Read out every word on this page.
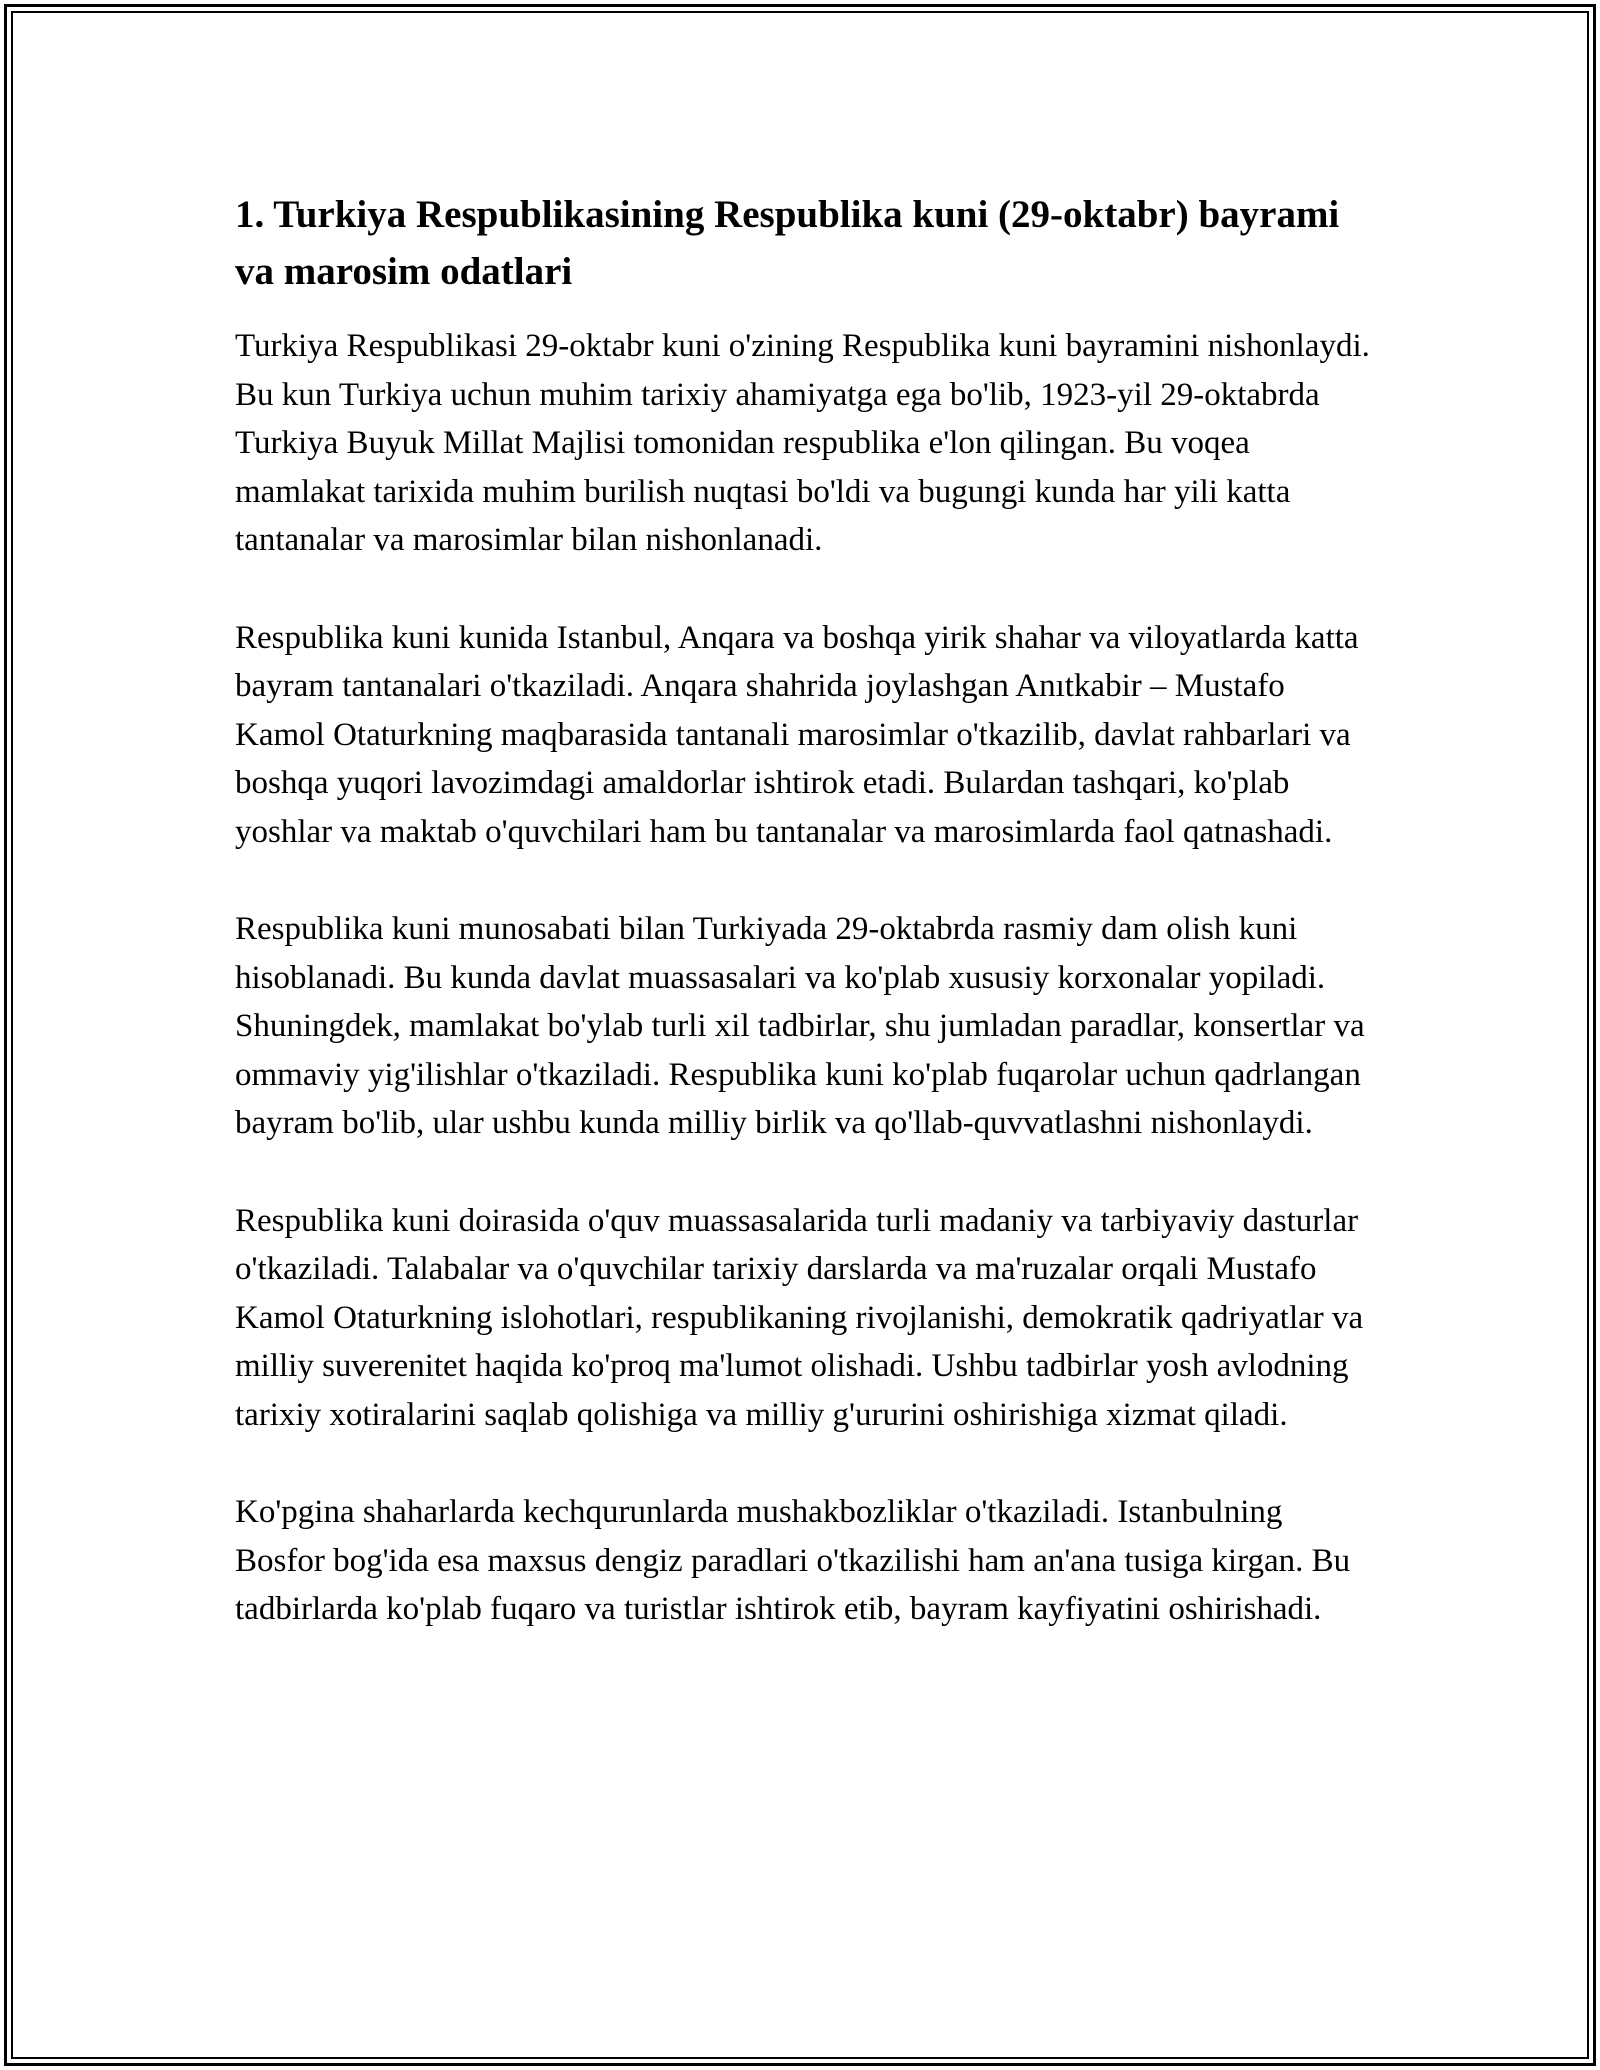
1. Turkiya Respublikasining Respublika kuni (29-oktabr) bayrami va marosim odatlari

Turkiya Respublikasi 29-oktabr kuni o'zining Respublika kuni bayramini nishonlaydi. Bu kun Turkiya uchun muhim tarixiy ahamiyatga ega bo'lib, 1923-yil 29-oktabrda Turkiya Buyuk Millat Majlisi tomonidan respublika e'lon qilingan. Bu voqea mamlakat tarixida muhim burilish nuqtasi bo'ldi va bugungi kunda har yili katta tantanalar va marosimlar bilan nishonlanadi.

Respublika kuni kunida Istanbul, Anqara va boshqa yirik shahar va viloyatlarda katta bayram tantanalari o'tkaziladi. Anqara shahrida joylashgan Anıtkabir – Mustafo Kamol Otaturkning maqbarasida tantanali marosimlar o'tkazilib, davlat rahbarlari va boshqa yuqori lavozimdagi amaldorlar ishtirok etadi. Bulardan tashqari, ko'plab yoshlar va maktab o'quvchilari ham bu tantanalar va marosimlarda faol qatnashadi.

Respublika kuni munosabati bilan Turkiyada 29-oktabrda rasmiy dam olish kuni hisoblanadi. Bu kunda davlat muassasalari va ko'plab xususiy korxonalar yopiladi. Shuningdek, mamlakat bo'ylab turli xil tadbirlar, shu jumladan paradlar, konsertlar va ommaviy yig'ilishlar o'tkaziladi. Respublika kuni ko'plab fuqarolar uchun qadrlangan bayram bo'lib, ular ushbu kunda milliy birlik va qo'llab-quvvatlashni nishonlaydi.

Respublika kuni doirasida o'quv muassasalarida turli madaniy va tarbiyaviy dasturlar o'tkaziladi. Talabalar va o'quvchilar tarixiy darslarda va ma'ruzalar orqali Mustafo Kamol Otaturkning islohotlari, respublikaning rivojlanishi, demokratik qadriyatlar va milliy suverenitet haqida ko'proq ma'lumot olishadi. Ushbu tadbirlar yosh avlodning tarixiy xotiralarini saqlab qolishiga va milliy g'ururini oshirishiga xizmat qiladi.

Ko'pgina shaharlarda kechqurunlarda mushakbozliklar o'tkaziladi. Istanbulning Bosfor bog'ida esa maxsus dengiz paradlari o'tkazilishi ham an'ana tusiga kirgan. Bu tadbirlarda ko'plab fuqaro va turistlar ishtirok etib, bayram kayfiyatini oshirishadi.
